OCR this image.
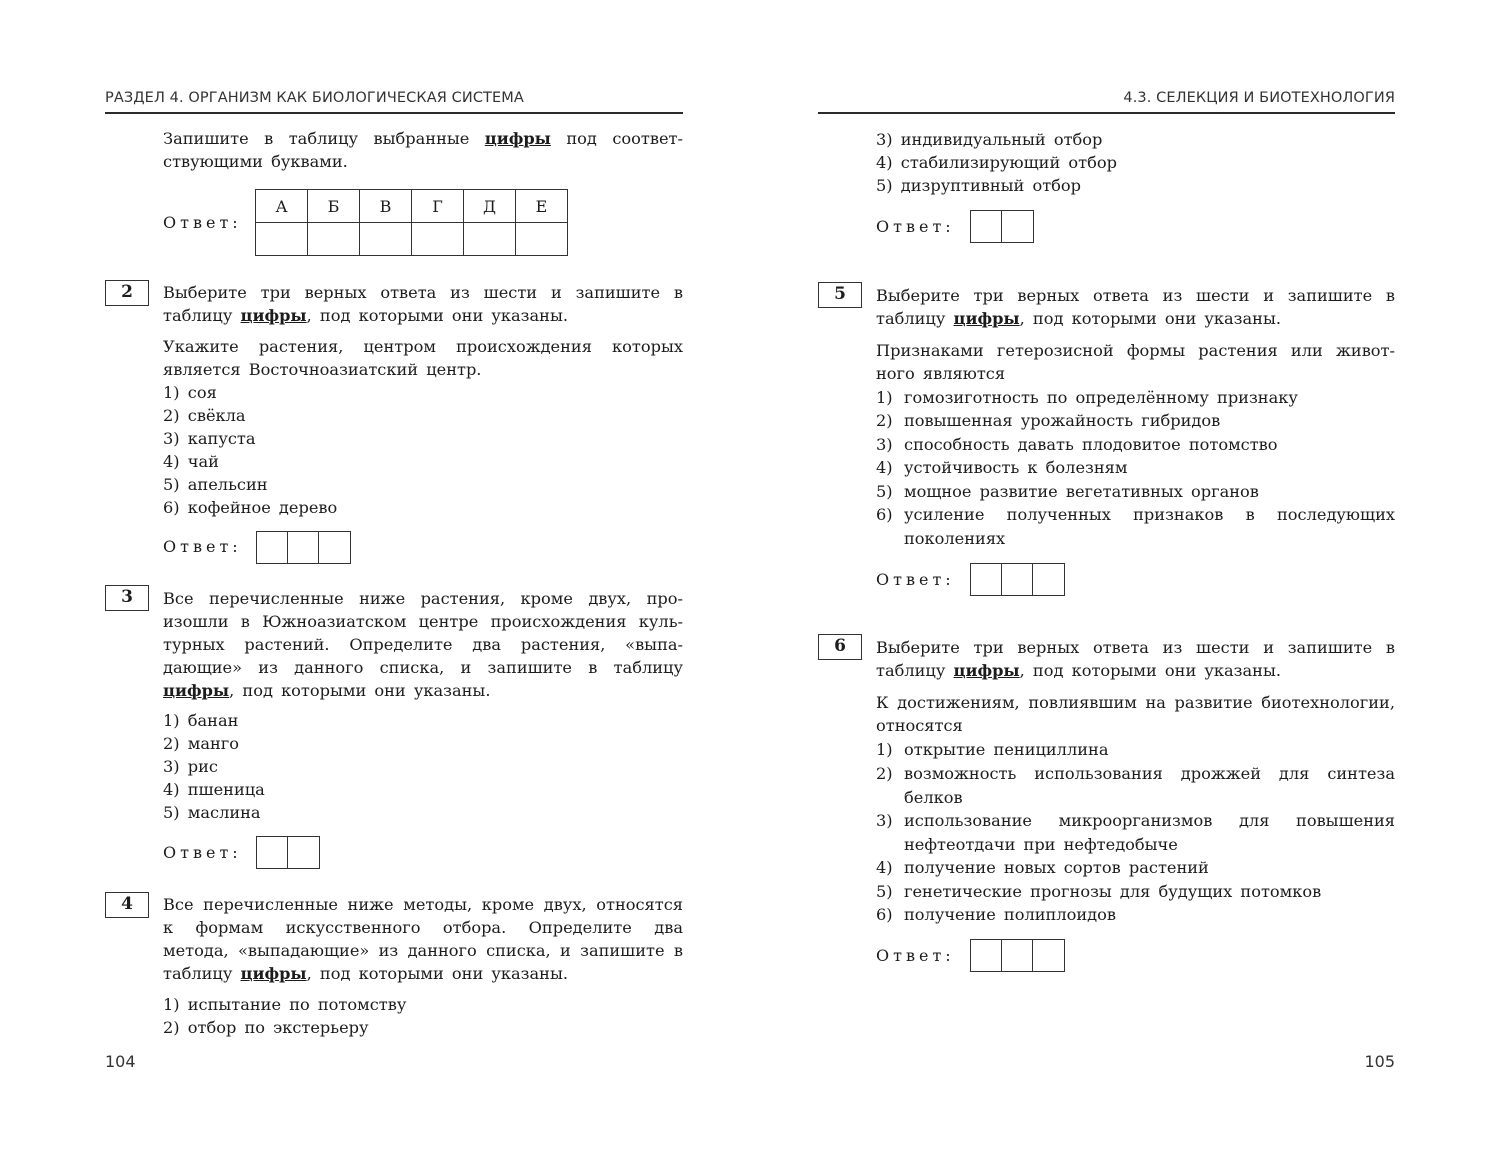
РАЗДЕЛ 4. ОРГАНИЗМ КАК БИОЛОГИЧЕСКАЯ СИСТЕМА
Запишите в таблицу выбранные цифры под соответствующими буквами.
Ответ:
А	Б	В	Г	Д	Е

2	Выберите три верных ответа из шести и запишите в таблицу цифры, под которыми они указаны.
Укажите растения, центром происхождения которых является Восточноазиатский центр.
1) соя
2) свёкла
3) капуста
4) чай
5) апельсин
6) кофейное дерево
Ответ:
3	Все перечисленные ниже растения, кроме двух, произошли в Южноазиатском центре происхождения культурных растений. Определите два растения, «выпадающие» из данного списка, и запишите в таблицу цифры, под которыми они указаны.
1) банан
2) манго
3) рис
4) пшеница
5) маслина
Ответ:
4	Все перечисленные ниже методы, кроме двух, относятся к формам искусственного отбора. Определите два метода, «выпадающие» из данного списка, и запишите в таблицу цифры, под которыми они указаны.
1) испытание по потомству
2) отбор по экстерьеру
104
4.3. СЕЛЕКЦИЯ И БИОТЕХНОЛОГИЯ
3) индивидуальный отбор
4) стабилизирующий отбор
5) дизруптивный отбор
Ответ:
5	Выберите три верных ответа из шести и запишите в таблицу цифры, под которыми они указаны.
Признаками гетерозисной формы растения или животного являются
1) гомозиготность по определённому признаку
2) повышенная урожайность гибридов
3) способность давать плодовитое потомство
4) устойчивость к болезням
5) мощное развитие вегетативных органов
6) усиление полученных признаков в последующих поколениях
Ответ:
6	Выберите три верных ответа из шести и запишите в таблицу цифры, под которыми они указаны.
К достижениям, повлиявшим на развитие биотехнологии, относятся
1) открытие пенициллина
2) возможность использования дрожжей для синтеза белков
3) использование микроорганизмов для повышения нефтеотдачи при нефтедобыче
4) получение новых сортов растений
5) генетические прогнозы для будущих потомков
6) получение полиплоидов
Ответ:
105
